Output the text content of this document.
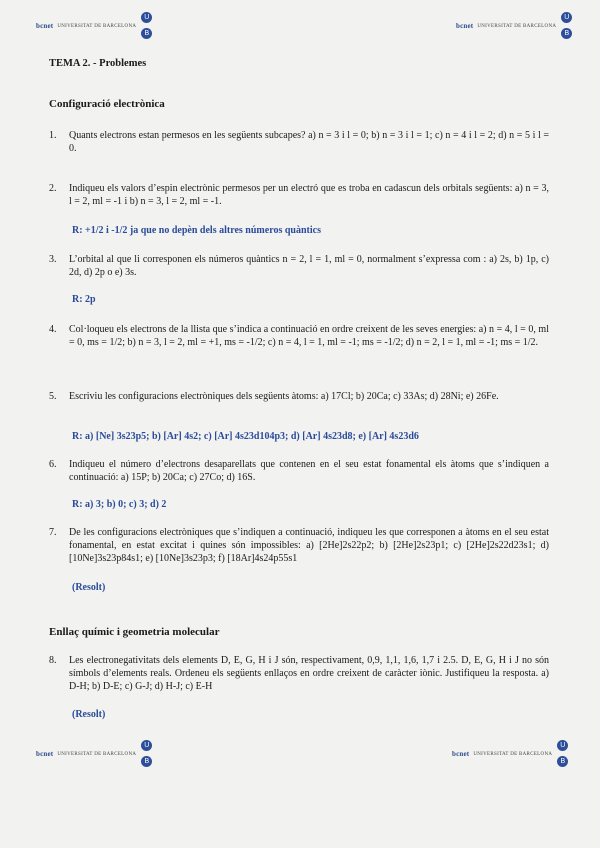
bcnet UNIVERSITAT DE BARCELONA
U
B
bcnet UNIVERSITAT DE BARCELONA
U
B
TEMA 2. - Problemes
Configuració electrònica
1.	Quants electrons estan permesos en les següents subcapes? a) n = 3 i l = 0; b) n = 3 i l = 1; c) n = 4 i l = 2; d) n = 5 i l = 0.
2.	Indiqueu els valors d’espin electrònic permesos per un electró que es troba en cadascun dels orbitals següents: a) n = 3, l = 2, ml = -1 i b) n = 3, l = 2, ml = -1.
R: +1/2 i -1/2 ja que no depèn dels altres números quàntics
3.	L’orbital al que li corresponen els números quàntics n = 2, l = 1, ml = 0, normalment s’expressa com : a) 2s, b) 1p, c) 2d, d) 2p o e) 3s.
R: 2p
4.	Col·loqueu els electrons de la llista que s’indica a continuació en ordre creixent de les seves energies: a) n = 4, l = 0, ml = 0, ms = 1/2; b) n = 3, l = 2, ml = +1, ms = -1/2; c) n = 4, l = 1, ml = -1; ms = -1/2; d) n = 2, l = 1, ml = -1; ms = 1/2.
5.	Escriviu les configuracions electròniques dels següents àtoms: a) 17Cl; b) 20Ca; c) 33As; d) 28Ni; e) 26Fe.
R: a) [Ne] 3s23p5; b) [Ar] 4s2; c) [Ar] 4s23d104p3; d) [Ar] 4s23d8; e) [Ar] 4s23d6
6.	Indiqueu el número d’electrons desaparellats que contenen en el seu estat fonamental els àtoms que s’indiquen a continuació: a) 15P; b) 20Ca; c) 27Co; d) 16S.
R: a) 3; b) 0; c) 3; d) 2
7.	De les configuracions electròniques que s’indiquen a continuació, indiqueu les que corresponen a àtoms en el seu estat fonamental, en estat excitat i quines són impossibles: a) [2He]2s22p2; b) [2He]2s23p1; c) [2He]2s22d23s1; d) [10Ne]3s23p84s1; e) [10Ne]3s23p3; f) [18Ar]4s24p55s1
(Resolt)
Enllaç químic i geometria molecular
8.	Les electronegativitats dels elements D, E, G, H i J són, respectivament, 0,9, 1,1, 1,6, 1,7 i 2.5. D, E, G, H i J no són símbols d’elements reals. Ordeneu els següents enllaços en ordre creixent de caràcter iònic. Justifiqueu la resposta. a) D-H; b) D-E; c) G-J; d) H-J; c) E-H
(Resolt)
bcnet UNIVERSITAT DE BARCELONA
U
B
bcnet UNIVERSITAT DE BARCELONA
U
B
